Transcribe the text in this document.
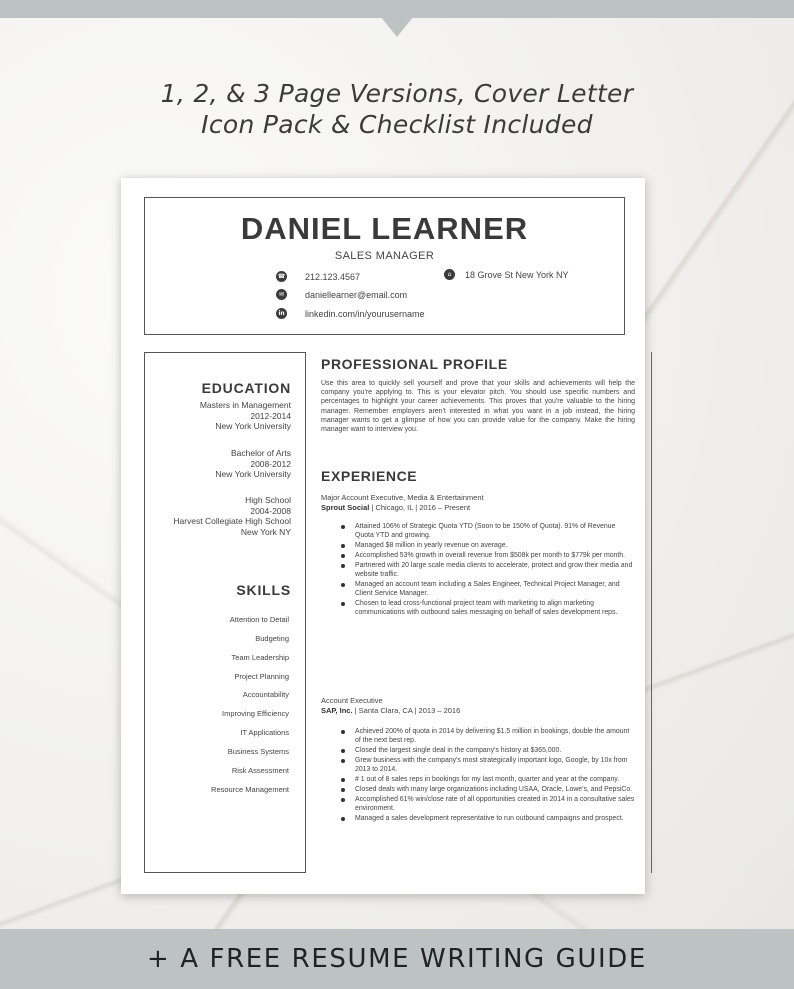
1, 2, & 3 Page Versions, Cover Letter
Icon Pack & Checklist Included
DANIEL LEARNER
SALES MANAGER
☎ 212.123.4567
✉	daniellearner@email.com
in linkedin.com/in/yourusername
⌂	18 Grove St New York NY
EDUCATION
Masters in Management
2012-2014
New York University
Bachelor of Arts
2008-2012
New York University
High School
2004-2008
Harvest Collegiate High School
New York NY
SKILLS
Attention to Detail
Budgeting
Team Leadership
Project Planning
Accountability
Improving Efficiency
IT Applications
Business Systems
Risk Assessment
Resource Management
PROFESSIONAL PROFILE
Use this area to quickly sell yourself and prove that your skills and achievements will help the company you're applying to. This is your elevator pitch. You should use specific numbers and percentages to highlight your career achievements. This proves that you're valuable to the hiring manager. Remember employers aren't interested in what you want in a job instead, the hiring manager wants to get a glimpse of how you can provide value for the company. Make the hiring manager want to interview you.
EXPERIENCE
Major Account Executive, Media & Entertainment
Sprout Social | Chicago, IL | 2016 – Present
Attained 106% of Strategic Quota YTD (Soon to be 150% of Quota). 91% of Revenue Quota YTD and growing.
Managed $8 million in yearly revenue on average.
Accomplished 53% growth in overall revenue from $508k per month to $779k per month.
Partnered with 20 large scale media clients to accelerate, protect and grow their media and website traffic.
Managed an account team including a Sales Engineer, Technical Project Manager, and Client Service Manager.
Chosen to lead cross-functional project team with marketing to align marketing communications with outbound sales messaging on behalf of sales development reps.
Account Executive
SAP, Inc. | Santa Clara, CA | 2013 – 2016
Achieved 200% of quota in 2014 by delivering $1.5 million in bookings, double the amount of the next best rep.
Closed the largest single deal in the company's history at $365,000.
Grew business with the company's most strategically important logo, Google, by 10x from 2013 to 2014.
# 1 out of 8 sales reps in bookings for my last month, quarter and year at the company.
Closed deals with many large organizations including USAA, Oracle, Lowe's, and PepsiCo.
Accomplished 61% win/close rate of all opportunities created in 2014 in a consultative sales environment.
Managed a sales development representative to run outbound campaigns and prospect.
+ A FREE RESUME WRITING GUIDE
